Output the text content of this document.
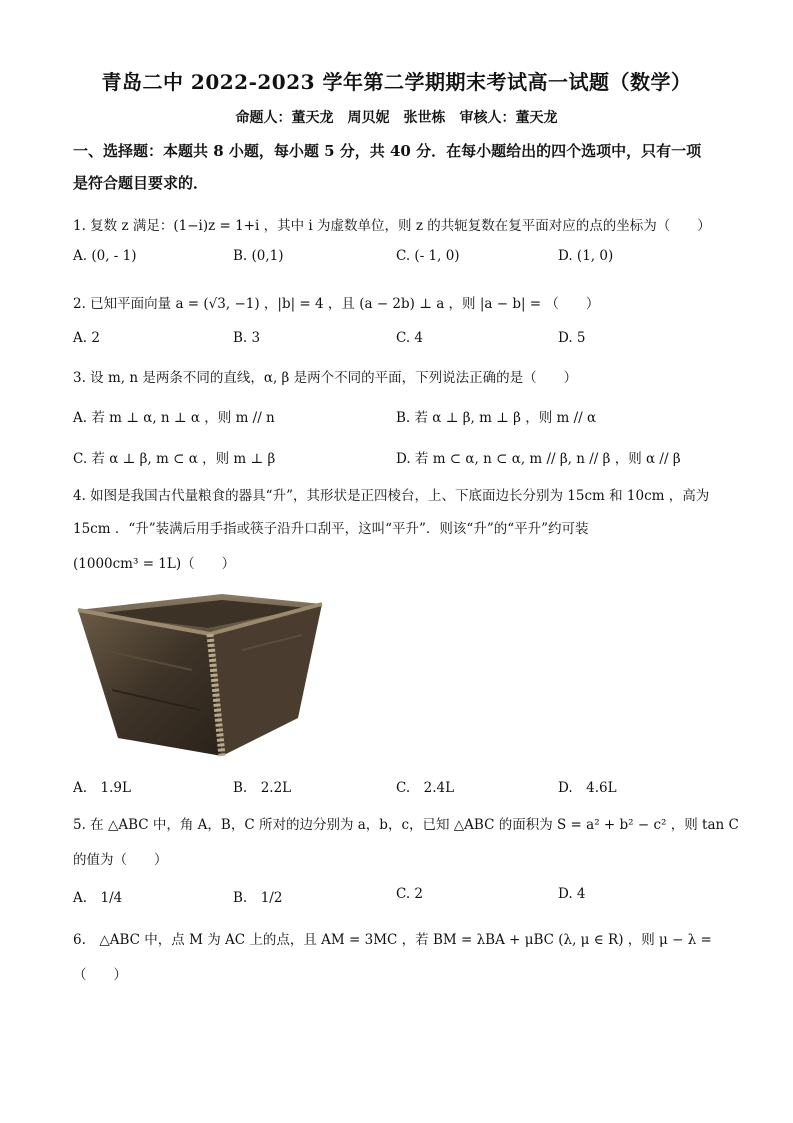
青岛二中 2022-2023 学年第二学期期末考试高一试题（数学）
命题人：董天龙　周贝妮　张世栋　审核人：董天龙
一、选择题：本题共 8 小题，每小题 5 分，共 40 分．在每小题给出的四个选项中，只有一项
是符合题目要求的．
1. 复数 z 满足：(1−i)z = 1+i ，其中 i 为虚数单位，则 z 的共轭复数在复平面对应的点的坐标为（　　）
A. (0, - 1)	B. (0,1)	C. (- 1, 0)	D. (1, 0)
2. 已知平面向量 a = (√3, −1) ，|b| = 4 ，且 (a − 2b) ⊥ a ，则 |a − b| = （　　）
A. 2	B. 3	C. 4	D. 5
3. 设 m, n 是两条不同的直线，α, β 是两个不同的平面，下列说法正确的是（　　）
A. 若 m ⊥ α, n ⊥ α ，则 m // n	B. 若 α ⊥ β, m ⊥ β ，则 m // α
C. 若 α ⊥ β, m ⊂ α ，则 m ⊥ β	D. 若 m ⊂ α, n ⊂ α, m // β, n // β ，则 α // β
4. 如图是我国古代量粮食的器具“升”，其形状是正四棱台，上、下底面边长分别为 15cm 和 10cm ，高为
15cm ．“升”装满后用手指或筷子沿升口刮平，这叫“平升”．则该“升”的“平升”约可装
(1000cm³ = 1L)（　　）
A.　1.9L	B.　2.2L	C.　2.4L	D.　4.6L
5. 在 △ABC 中，角 A，B，C 所对的边分别为 a，b，c，已知 △ABC 的面积为 S = a² + b² − c² ，则 tan C
的值为（　　）
A.　1/4	B.　1/2	C. 2	D. 4
6.　△ABC 中，点 M 为 AC 上的点，且 AM = 3MC ，若 BM = λBA + μBC (λ, μ ∈ R) ，则 μ − λ =
（　　）
